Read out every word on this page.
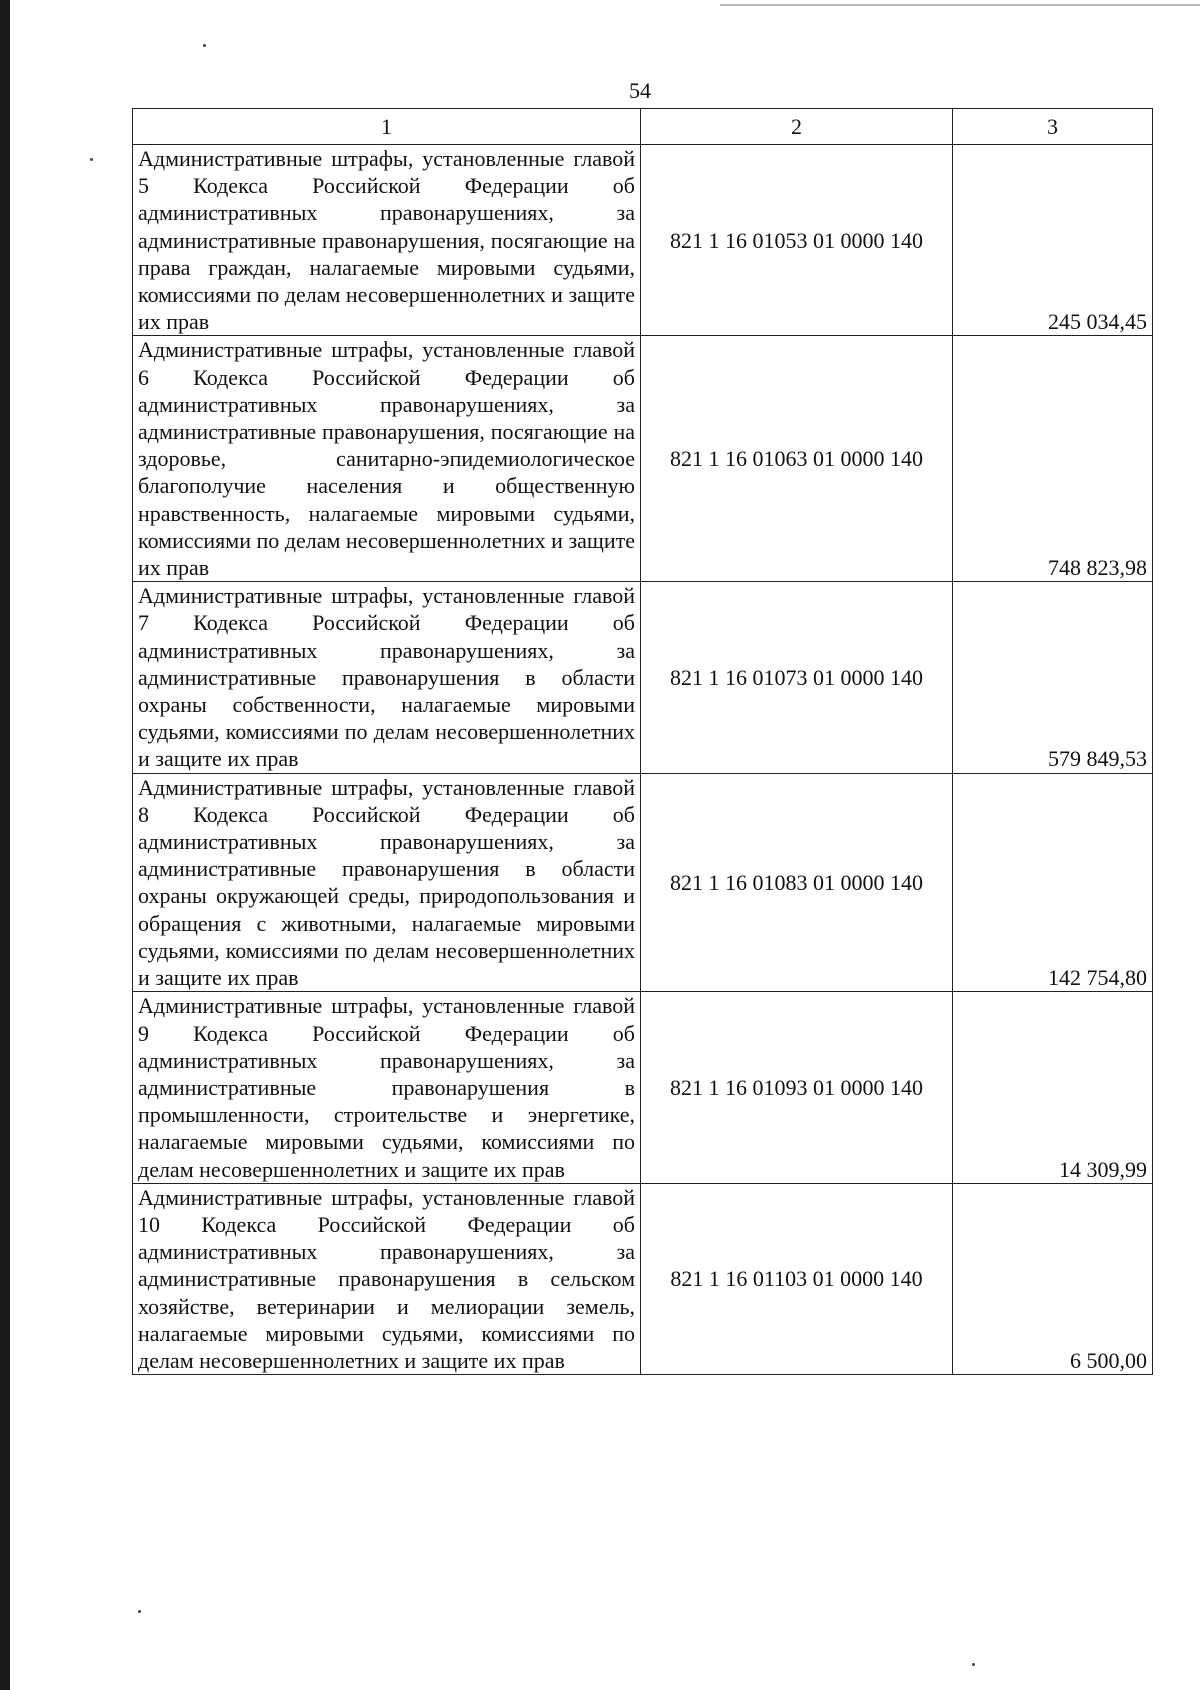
54
1	2	3
Административные штрафы, установленные главой 5 Кодекса Российской Федерации об административных правонарушениях, за административные правонарушения, посягающие на права граждан, налагаемые мировыми судьями, комиссиями по делам несовершеннолетних и защите их прав	821 1 16 01053 01 0000 140	245 034,45
Административные штрафы, установленные главой 6 Кодекса Российской Федерации об административных правонарушениях, за административные правонарушения, посягающие на здоровье, санитарно-эпидемиологическое благополучие населения и общественную нравственность, налагаемые мировыми судьями, комиссиями по делам несовершеннолетних и защите их прав	821 1 16 01063 01 0000 140	748 823,98
Административные штрафы, установленные главой 7 Кодекса Российской Федерации об административных правонарушениях, за административные правонарушения в области охраны собственности, налагаемые мировыми судьями, комиссиями по делам несовершеннолетних и защите их прав	821 1 16 01073 01 0000 140	579 849,53
Административные штрафы, установленные главой 8 Кодекса Российской Федерации об административных правонарушениях, за административные правонарушения в области охраны окружающей среды, природопользования и обращения с животными, налагаемые мировыми судьями, комиссиями по делам несовершеннолетних и защите их прав	821 1 16 01083 01 0000 140	142 754,80
Административные штрафы, установленные главой 9 Кодекса Российской Федерации об административных правонарушениях, за административные правонарушения в промышленности, строительстве и энергетике, налагаемые мировыми судьями, комиссиями по делам несовершеннолетних и защите их прав	821 1 16 01093 01 0000 140	14 309,99
Административные штрафы, установленные главой 10 Кодекса Российской Федерации об административных правонарушениях, за административные правонарушения в сельском хозяйстве, ветеринарии и мелиорации земель, налагаемые мировыми судьями, комиссиями по делам несовершеннолетних и защите их прав	821 1 16 01103 01 0000 140	6 500,00
